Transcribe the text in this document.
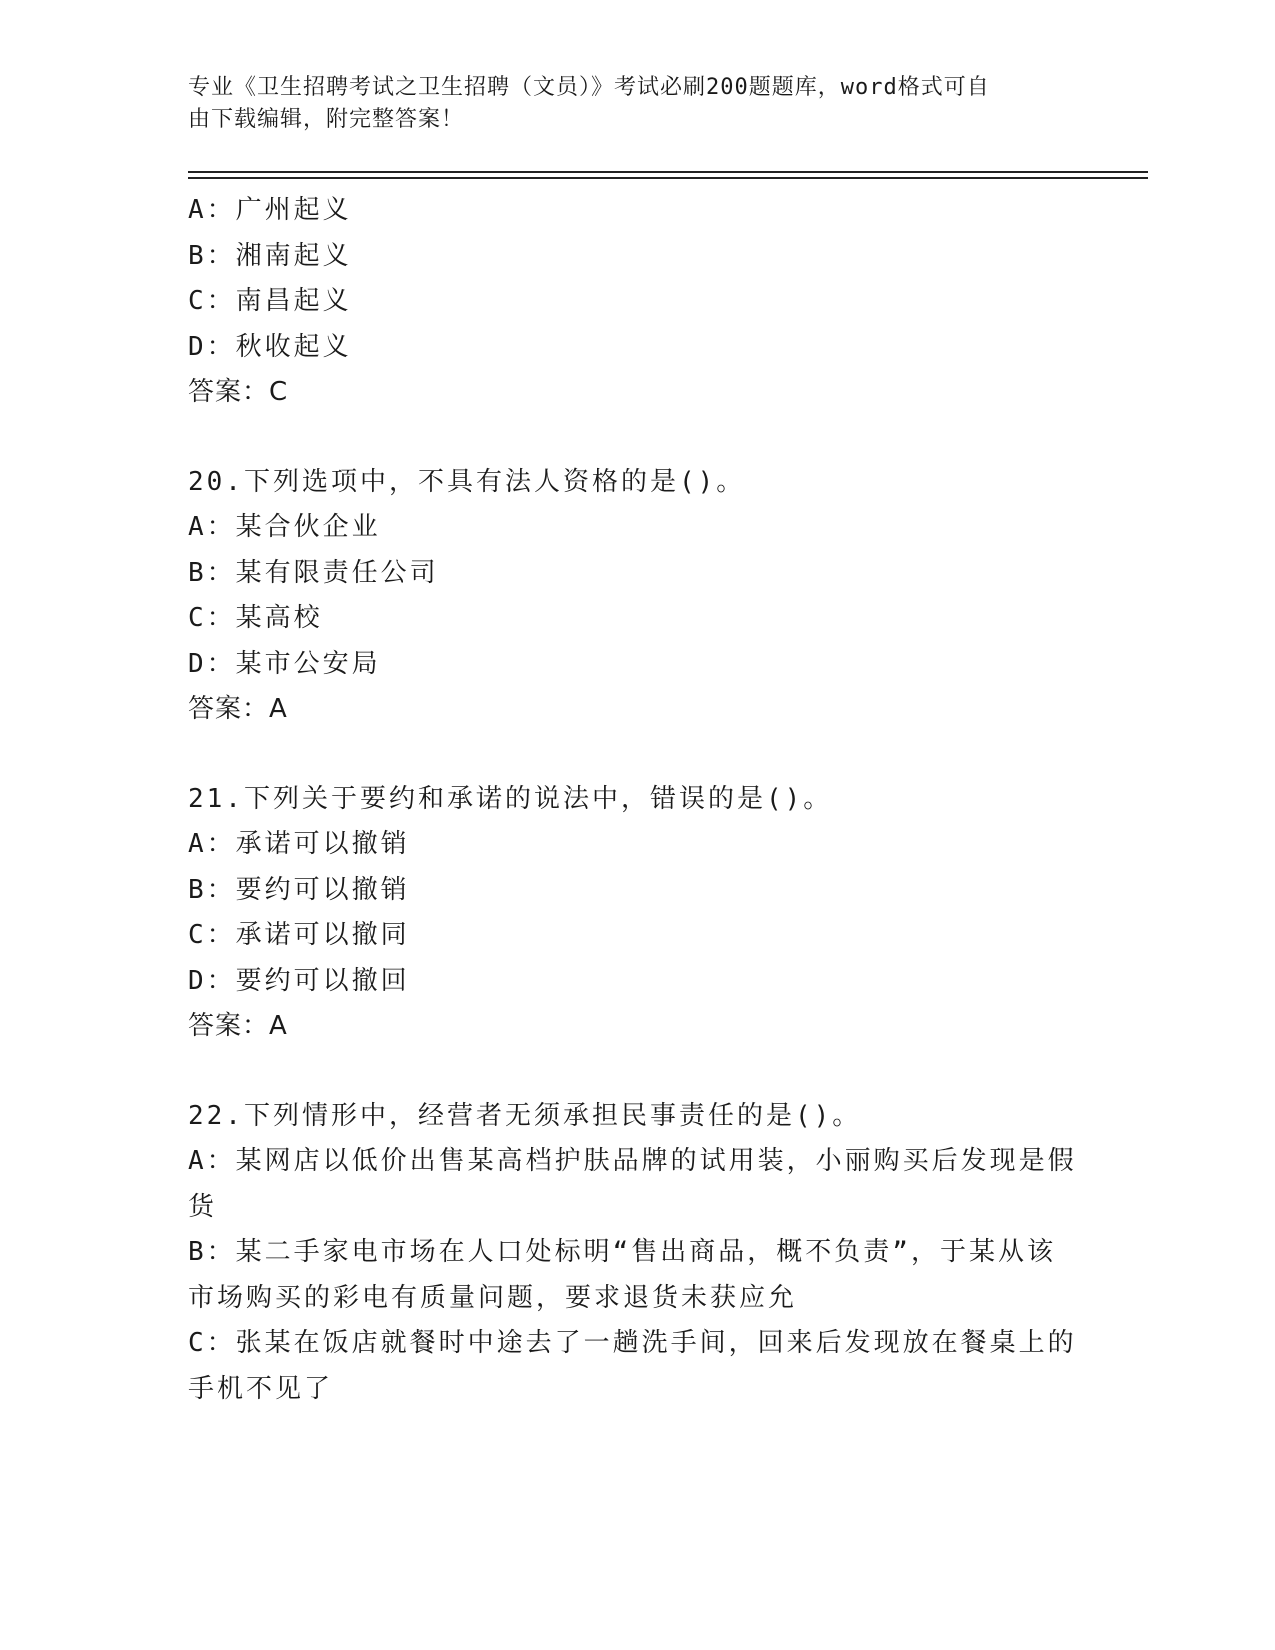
专业《卫生招聘考试之卫生招聘（文员）》考试必刷200题题库，word格式可自
由下载编辑，附完整答案！
A：广州起义
B：湘南起义
C：南昌起义
D：秋收起义
答案：C
20.下列选项中，不具有法人资格的是()。
A：某合伙企业
B：某有限责任公司
C：某高校
D：某市公安局
答案：A
21.下列关于要约和承诺的说法中，错误的是()。
A：承诺可以撤销
B：要约可以撤销
C：承诺可以撤同
D：要约可以撤回
答案：A
22.下列情形中，经营者无须承担民事责任的是()。
A：某网店以低价出售某高档护肤品牌的试用装，小丽购买后发现是假货
B：某二手家电市场在人口处标明“售出商品，概不负责”，于某从该市场购买的彩电有质量问题，要求退货未获应允
C：张某在饭店就餐时中途去了一趟洗手间，回来后发现放在餐桌上的手机不见了
